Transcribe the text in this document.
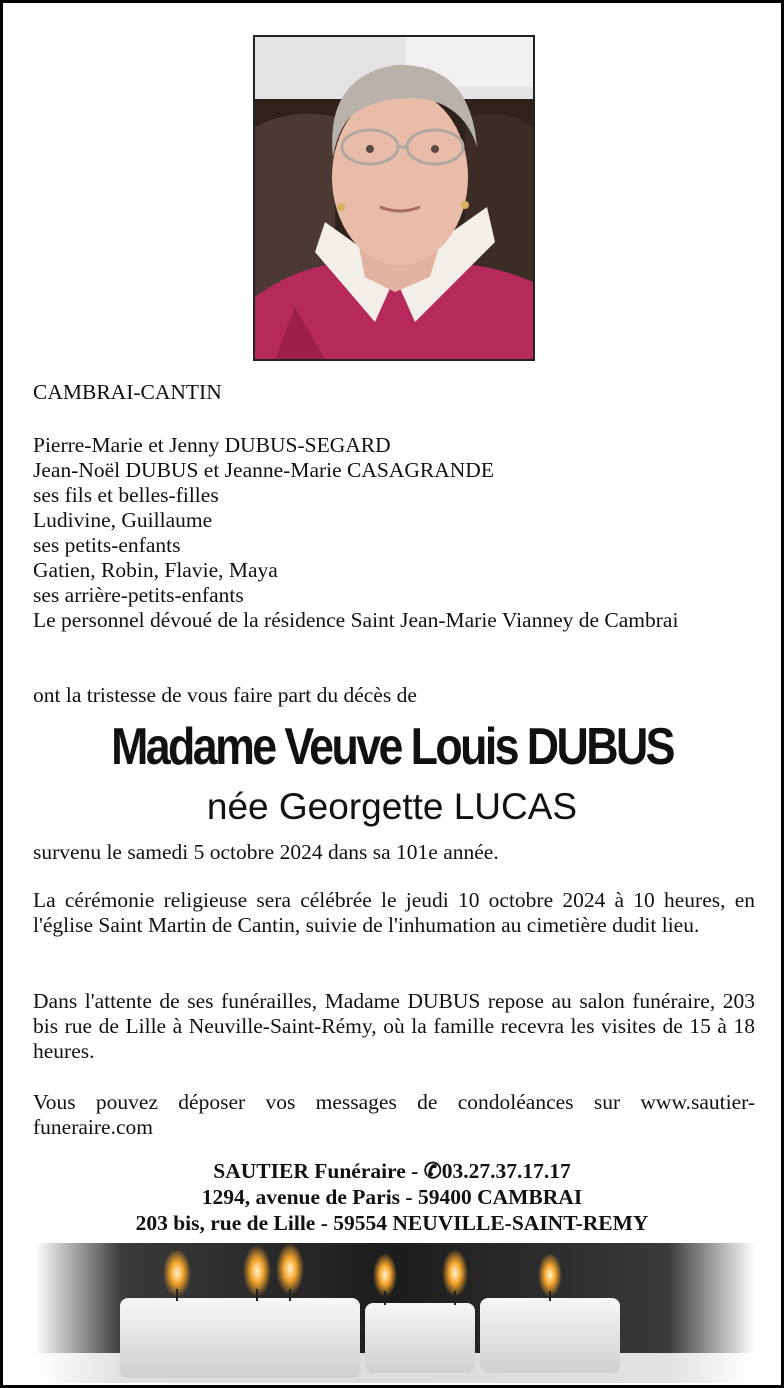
CAMBRAI-CANTIN
Pierre-Marie et Jenny DUBUS-SEGARD
Jean-Noël DUBUS et Jeanne-Marie CASAGRANDE
ses fils et belles-filles
Ludivine, Guillaume
ses petits-enfants
Gatien, Robin, Flavie, Maya
ses arrière-petits-enfants
Le personnel dévoué de la résidence Saint Jean-Marie Vianney de Cambrai
ont la tristesse de vous faire part du décès de
Madame Veuve Louis DUBUS
née Georgette LUCAS
survenu le samedi 5 octobre 2024 dans sa 101e année.
La cérémonie religieuse sera célébrée le jeudi 10 octobre 2024 à 10 heures, en l'église Saint Martin de Cantin, suivie de l'inhumation au cimetière dudit lieu.
Dans l'attente de ses funérailles, Madame DUBUS repose au salon funéraire, 203 bis rue de Lille à Neuville-Saint-Rémy, où la famille recevra les visites de 15 à 18 heures.
Vous pouvez déposer vos messages de condoléances sur www.sautier-funeraire.com
SAUTIER Funéraire - ✆03.27.37.17.17
1294, avenue de Paris - 59400 CAMBRAI
203 bis, rue de Lille - 59554 NEUVILLE-SAINT-REMY
